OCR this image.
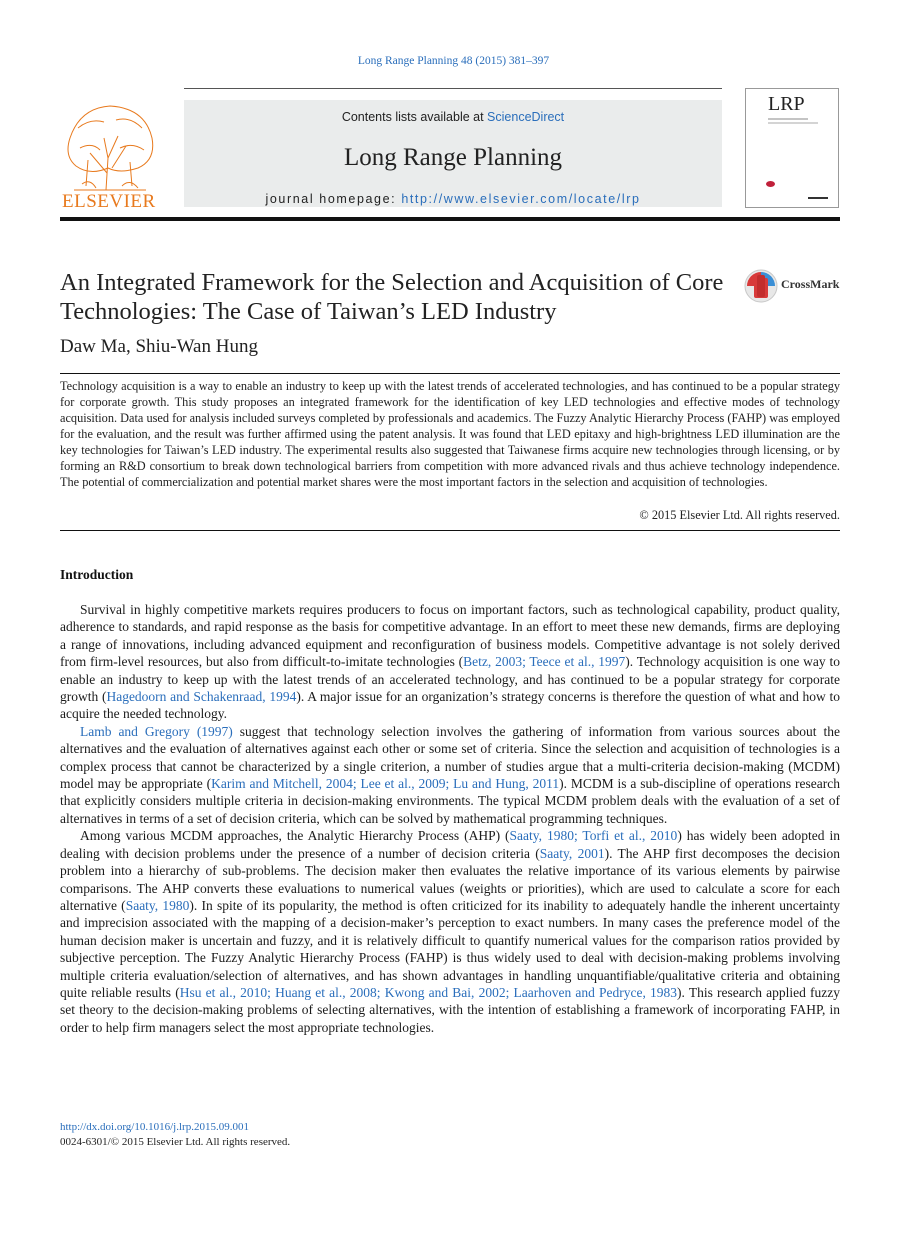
Long Range Planning 48 (2015) 381–397
ELSEVIER
Contents lists available at ScienceDirect
Long Range Planning
journal homepage: http://www.elsevier.com/locate/lrp
LRP
An Integrated Framework for the Selection and Acquisition of Core Technologies: The Case of Taiwan’s LED Industry
CrossMark
Daw Ma, Shiu-Wan Hung
Technology acquisition is a way to enable an industry to keep up with the latest trends of accelerated technologies, and has continued to be a popular strategy for corporate growth. This study proposes an integrated framework for the identification of key LED technologies and effective modes of technology acquisition. Data used for analysis included surveys completed by professionals and academics. The Fuzzy Analytic Hierarchy Process (FAHP) was employed for the evaluation, and the result was further affirmed using the patent analysis. It was found that LED epitaxy and high-brightness LED illumination are the key technologies for Taiwan’s LED industry. The experimental results also suggested that Taiwanese firms acquire new technologies through licensing, or by forming an R&D consortium to break down technological barriers from competition with more advanced rivals and thus achieve technology independence. The potential of commercialization and potential market shares were the most important factors in the selection and acquisition of technologies.
© 2015 Elsevier Ltd. All rights reserved.
Introduction

Survival in highly competitive markets requires producers to focus on important factors, such as technological capability, product quality, adherence to standards, and rapid response as the basis for competitive advantage. In an effort to meet these new demands, firms are deploying a range of innovations, including advanced equipment and reconfiguration of business models. Competitive advantage is not solely derived from firm-level resources, but also from difficult-to-imitate technologies (Betz, 2003; Teece et al., 1997). Technology acquisition is one way to enable an industry to keep up with the latest trends of an accelerated technology, and has continued to be a popular strategy for corporate growth (Hagedoorn and Schakenraad, 1994). A major issue for an organization’s strategy concerns is therefore the question of what and how to acquire the needed technology.

Lamb and Gregory (1997) suggest that technology selection involves the gathering of information from various sources about the alternatives and the evaluation of alternatives against each other or some set of criteria. Since the selection and acquisition of technologies is a complex process that cannot be characterized by a single criterion, a number of studies argue that a multi-criteria decision-making (MCDM) model may be appropriate (Karim and Mitchell, 2004; Lee et al., 2009; Lu and Hung, 2011). MCDM is a sub-discipline of operations research that explicitly considers multiple criteria in decision-making environments. The typical MCDM problem deals with the evaluation of a set of alternatives in terms of a set of decision criteria, which can be solved by mathematical programming techniques.

Among various MCDM approaches, the Analytic Hierarchy Process (AHP) (Saaty, 1980; Torfi et al., 2010) has widely been adopted in dealing with decision problems under the presence of a number of decision criteria (Saaty, 2001). The AHP first decomposes the decision problem into a hierarchy of sub-problems. The decision maker then evaluates the relative importance of its various elements by pairwise comparisons. The AHP converts these evaluations to numerical values (weights or priorities), which are used to calculate a score for each alternative (Saaty, 1980). In spite of its popularity, the method is often criticized for its inability to adequately handle the inherent uncertainty and imprecision associated with the mapping of a decision-maker’s perception to exact numbers. In many cases the preference model of the human decision maker is uncertain and fuzzy, and it is relatively difficult to quantify numerical values for the comparison ratios provided by subjective perception. The Fuzzy Analytic Hierarchy Process (FAHP) is thus widely used to deal with decision-making problems involving multiple criteria evaluation/selection of alternatives, and has shown advantages in handling unquantifiable/qualitative criteria and obtaining quite reliable results (Hsu et al., 2010; Huang et al., 2008; Kwong and Bai, 2002; Laarhoven and Pedryce, 1983). This research applied fuzzy set theory to the decision-making problems of selecting alternatives, with the intention of establishing a framework of incorporating FAHP, in order to help firm managers select the most appropriate technologies.

http://dx.doi.org/10.1016/j.lrp.2015.09.001
0024-6301/© 2015 Elsevier Ltd. All rights reserved.
